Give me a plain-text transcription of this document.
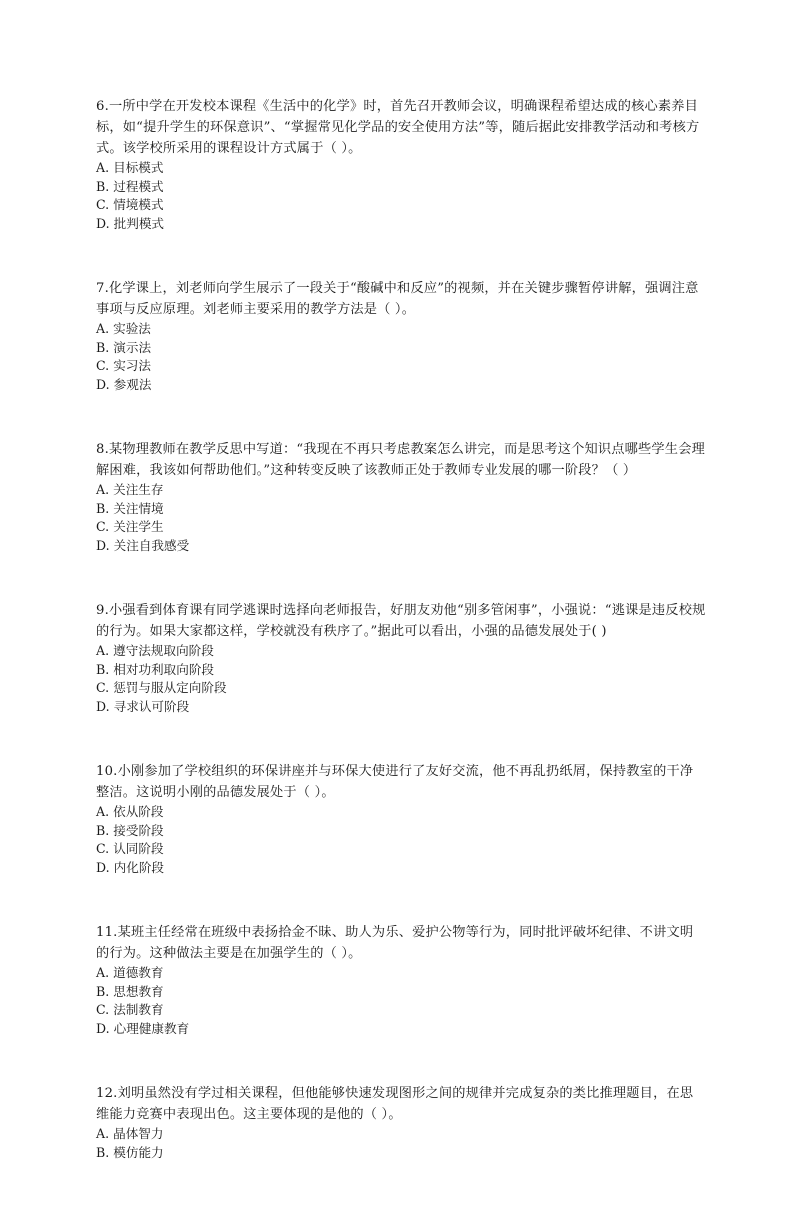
6.一所中学在开发校本课程《生活中的化学》时，首先召开教师会议，明确课程希望达成的核心素养目标，如“提升学生的环保意识”、“掌握常见化学品的安全使用方法”等，随后据此安排教学活动和考核方式。该学校所采用的课程设计方式属于（ ）。

A. 目标模式
B. 过程模式
C. 情境模式
D. 批判模式

7.化学课上，刘老师向学生展示了一段关于“酸碱中和反应”的视频，并在关键步骤暂停讲解，强调注意事项与反应原理。刘老师主要采用的教学方法是（ ）。

A. 实验法
B. 演示法
C. 实习法
D. 参观法

8.某物理教师在教学反思中写道：“我现在不再只考虑教案怎么讲完，而是思考这个知识点哪些学生会理解困难，我该如何帮助他们。”这种转变反映了该教师正处于教师专业发展的哪一阶段？（ ）

A. 关注生存
B. 关注情境
C. 关注学生
D. 关注自我感受

9.小强看到体育课有同学逃课时选择向老师报告，好朋友劝他“别多管闲事”，小强说：“逃课是违反校规的行为。如果大家都这样，学校就没有秩序了。”据此可以看出，小强的品德发展处于( )

A. 遵守法规取向阶段
B. 相对功利取向阶段
C. 惩罚与服从定向阶段
D. 寻求认可阶段

10.小刚参加了学校组织的环保讲座并与环保大使进行了友好交流，他不再乱扔纸屑，保持教室的干净整洁。这说明小刚的品德发展处于（ ）。

A. 依从阶段
B. 接受阶段
C. 认同阶段
D. 内化阶段

11.某班主任经常在班级中表扬拾金不昧、助人为乐、爱护公物等行为，同时批评破坏纪律、不讲文明的行为。这种做法主要是在加强学生的（ ）。

A. 道德教育
B. 思想教育
C. 法制教育
D. 心理健康教育

12.刘明虽然没有学过相关课程，但他能够快速发现图形之间的规律并完成复杂的类比推理题目，在思维能力竞赛中表现出色。这主要体现的是他的（ ）。

A. 晶体智力
B. 模仿能力
